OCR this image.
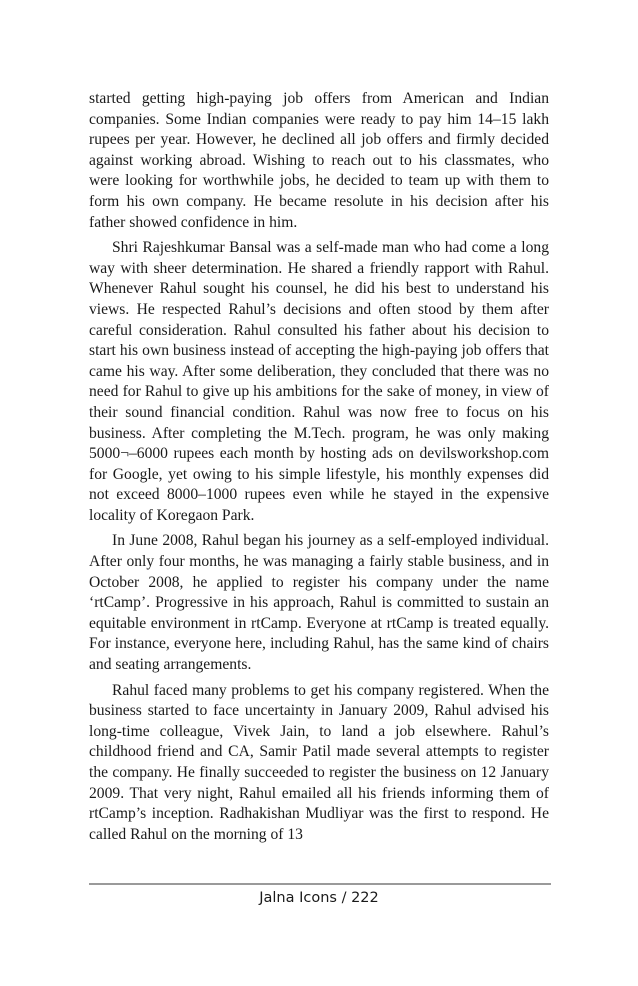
started getting high-paying job offers from American and Indian companies. Some Indian companies were ready to pay him 14–15 lakh rupees per year. However, he declined all job offers and firmly decided against working abroad. Wishing to reach out to his classmates, who were looking for worthwhile jobs, he decided to team up with them to form his own company. He became resolute in his decision after his father showed confidence in him.

Shri Rajeshkumar Bansal was a self-made man who had come a long way with sheer determination. He shared a friendly rapport with Rahul. Whenever Rahul sought his counsel, he did his best to understand his views. He respected Rahul’s decisions and often stood by them after careful consideration. Rahul consulted his father about his decision to start his own business instead of accepting the high-paying job offers that came his way. After some deliberation, they concluded that there was no need for Rahul to give up his ambitions for the sake of money, in view of their sound financial condition. Rahul was now free to focus on his business. After completing the M.Tech. program, he was only making 5000¬–6000 rupees each month by hosting ads on devilsworkshop.com for Google, yet owing to his simple lifestyle, his monthly expenses did not exceed 8000–1000 rupees even while he stayed in the expensive locality of Koregaon Park.

In June 2008, Rahul began his journey as a self-employed individual. After only four months, he was managing a fairly stable business, and in October 2008, he applied to register his company under the name ‘rtCamp’. Progressive in his approach, Rahul is committed to sustain an equitable environment in rtCamp. Everyone at rtCamp is treated equally. For instance, everyone here, including Rahul, has the same kind of chairs and seating arrangements.

Rahul faced many problems to get his company registered. When the business started to face uncertainty in January 2009, Rahul advised his long-time colleague, Vivek Jain, to land a job elsewhere. Rahul’s childhood friend and CA, Samir Patil made several attempts to register the company. He finally succeeded to register the business on 12 January 2009. That very night, Rahul emailed all his friends informing them of rtCamp’s inception. Radhakishan Mudliyar was the first to respond. He called Rahul on the morning of 13

Jalna Icons / 222
